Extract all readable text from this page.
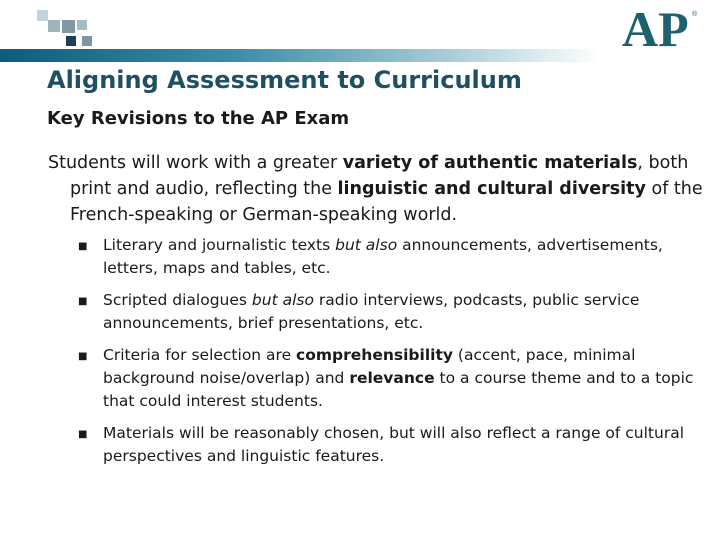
AP ®
Aligning Assessment to Curriculum
Key Revisions to the AP Exam

Students will work with a greater variety of authentic materials, both print and audio, reflecting the linguistic and cultural diversity of the French-speaking or German-speaking world.

■ Literary and journalistic texts but also announcements, advertisements, letters, maps and tables, etc.
■ Scripted dialogues but also radio interviews, podcasts, public service announcements, brief presentations, etc.
■ Criteria for selection are comprehensibility (accent, pace, minimal background noise/overlap) and relevance to a course theme and to a topic that could interest students.
■ Materials will be reasonably chosen, but will also reflect a range of cultural perspectives and linguistic features.
